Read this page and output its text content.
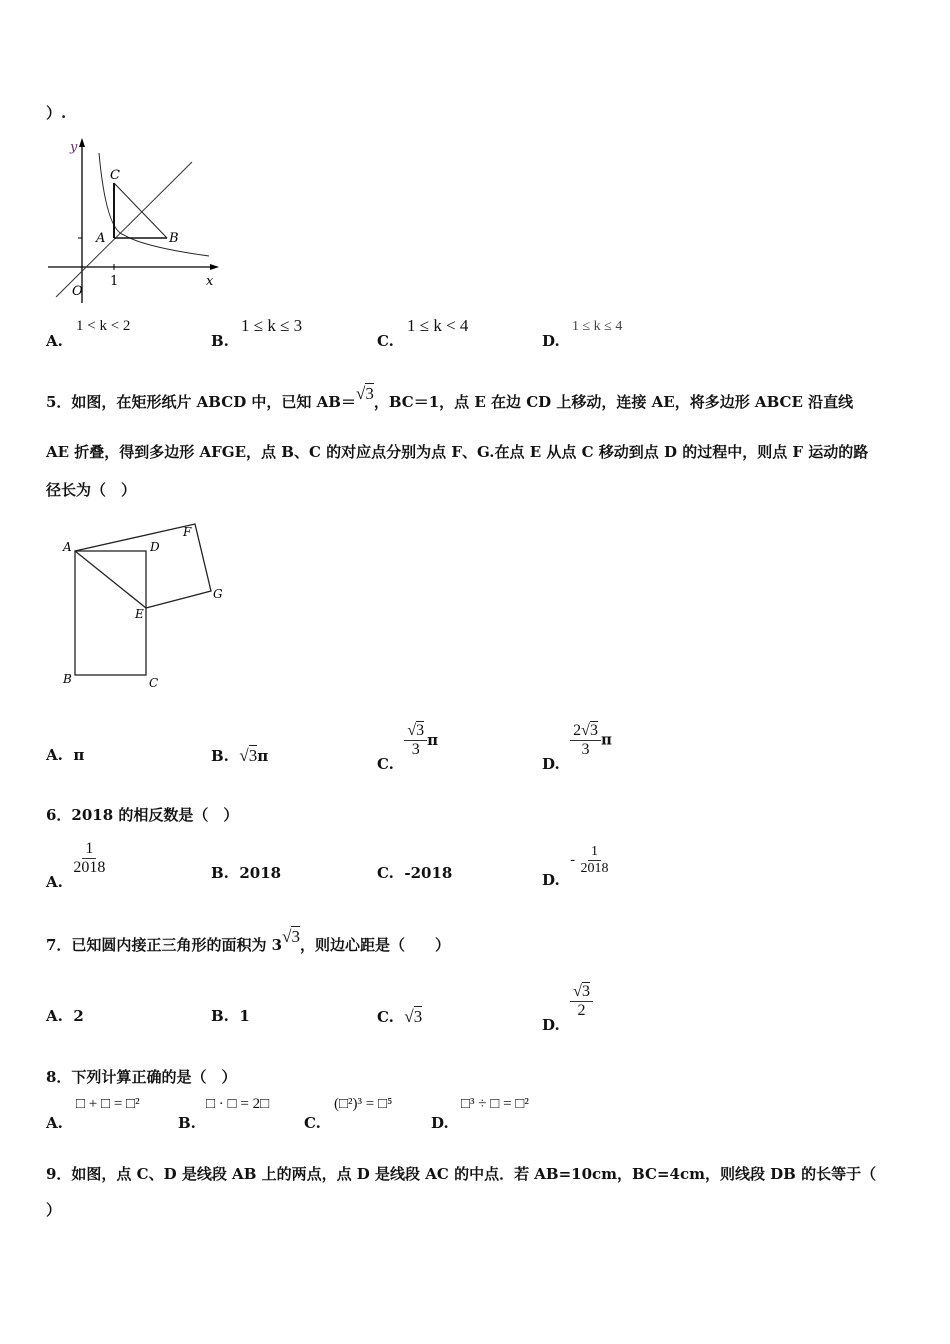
）.
y
x
O
1
A	B
C
A.
1 < k < 2
B.
1 ≤ k ≤ 3
C.
1 ≤ k < 4
D.
1 ≤ k ≤ 4
5．如图，在矩形纸片 ABCD 中，已知 AB＝√3，BC＝1，点 E 在边 CD 上移动，连接 AE，将多边形 ABCE 沿直线
AE 折叠，得到多边形 AFGE，点 B、C 的对应点分别为点 F、G.在点 E 从点 C 移动到点 D 的过程中，则点 F 运动的路
径长为（　）
A	D
F
G
E
B	C
A. π	B. √3π	C.
$\frac{√3}{3}$ π
D.
$\frac{2√3}{3}$ π
6．2018 的相反数是（　）
A.
$\frac{1}{2018}$	B. 2018	C. -2018	D.  - $\frac{1}{2018}$
7．已知圆内接正三角形的面积为 3√3，则边心距是（　　）
A. 2	B. 1	C. √3	D.
$\frac{√3}{2}$
8．下列计算正确的是（　）
A.
□ + □ = □²
B.
□ · □ = 2□
C.
(□²)³ = □⁵
D.
□³ ÷ □ = □²
9．如图，点 C、D 是线段 AB 上的两点，点 D 是线段 AC 的中点．若 AB=10cm，BC=4cm，则线段 DB 的长等于（
）
